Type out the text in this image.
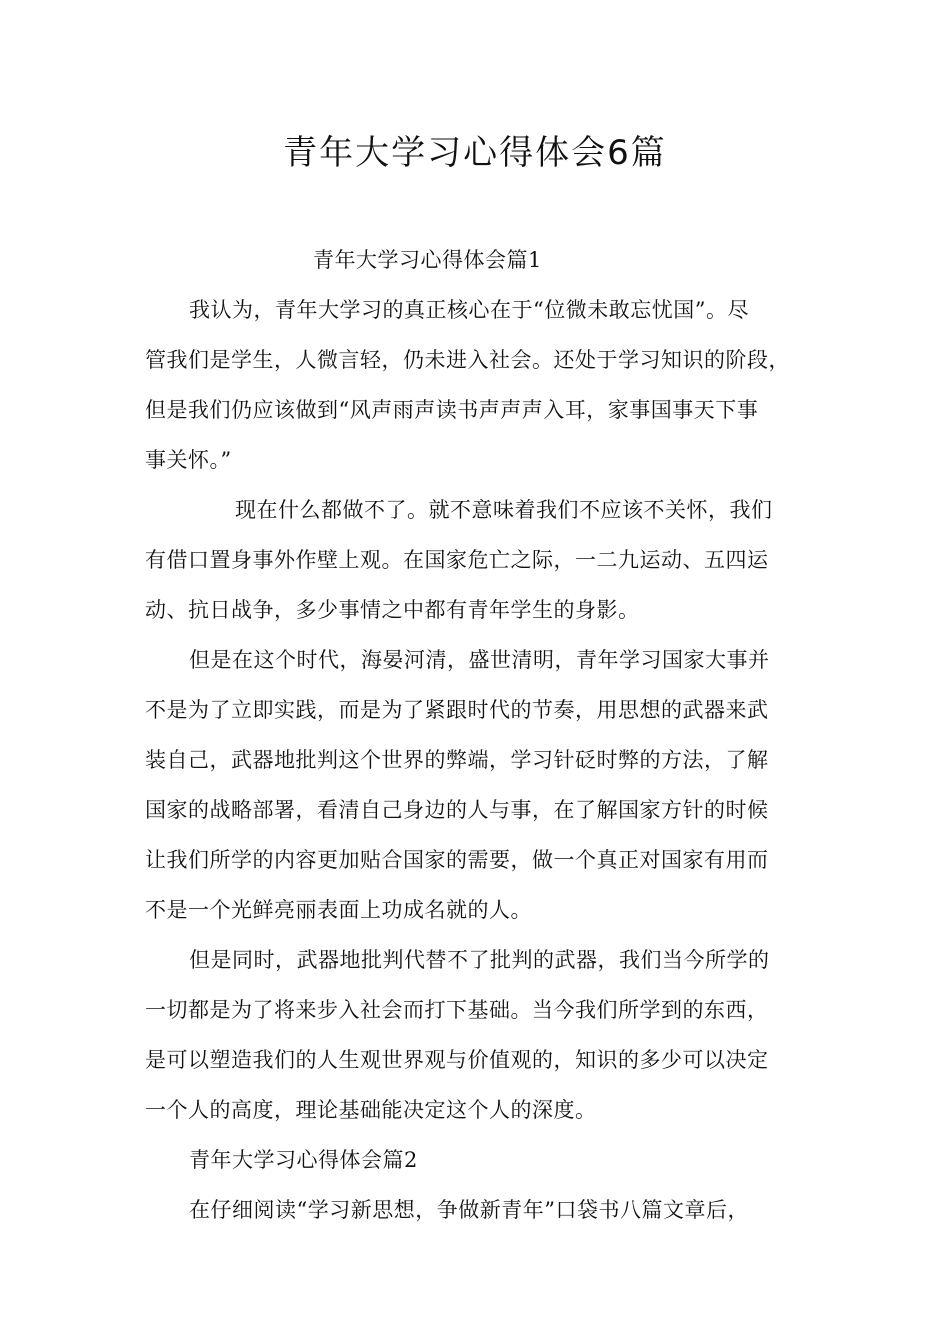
青年大学习心得体会6篇
青年大学习心得体会篇1
我认为，青年大学习的真正核心在于“位微未敢忘忧国”。尽
管我们是学生，人微言轻，仍未进入社会。还处于学习知识的阶段，
但是我们仍应该做到“风声雨声读书声声声入耳，家事国事天下事
事关怀。”
现在什么都做不了。就不意味着我们不应该不关怀，我们
有借口置身事外作壁上观。在国家危亡之际，一二九运动、五四运
动、抗日战争，多少事情之中都有青年学生的身影。
但是在这个时代，海晏河清，盛世清明，青年学习国家大事并
不是为了立即实践，而是为了紧跟时代的节奏，用思想的武器来武
装自己，武器地批判这个世界的弊端，学习针砭时弊的方法，了解
国家的战略部署，看清自己身边的人与事，在了解国家方针的时候
让我们所学的内容更加贴合国家的需要，做一个真正对国家有用而
不是一个光鲜亮丽表面上功成名就的人。
但是同时，武器地批判代替不了批判的武器，我们当今所学的
一切都是为了将来步入社会而打下基础。当今我们所学到的东西，
是可以塑造我们的人生观世界观与价值观的，知识的多少可以决定
一个人的高度，理论基础能决定这个人的深度。
青年大学习心得体会篇2
在仔细阅读“学习新思想，争做新青年”口袋书八篇文章后，
